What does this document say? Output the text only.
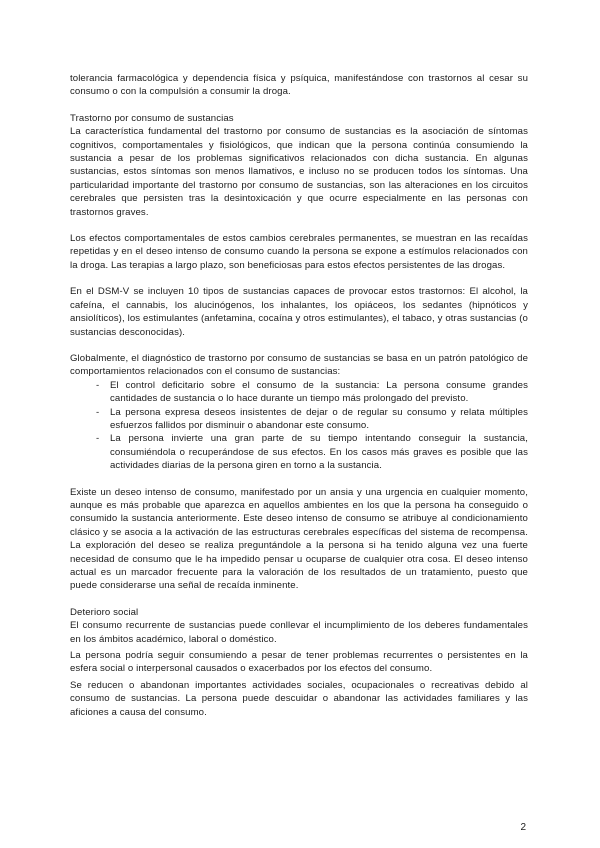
tolerancia farmacológica y dependencia física y psíquica, manifestándose con trastornos al cesar su consumo o con la compulsión a consumir la droga.

Trastorno por consumo de sustancias

La característica fundamental del trastorno por consumo de sustancias es la asociación de síntomas cognitivos, comportamentales y fisiológicos, que indican que la persona continúa consumiendo la sustancia a pesar de los problemas significativos relacionados con dicha sustancia. En algunas sustancias, estos síntomas son menos llamativos, e incluso no se producen todos los síntomas. Una particularidad importante del trastorno por consumo de sustancias, son las alteraciones en los circuitos cerebrales que persisten tras la desintoxicación y que ocurre especialmente en las personas con trastornos graves.

Los efectos comportamentales de estos cambios cerebrales permanentes, se muestran en las recaídas repetidas y en el deseo intenso de consumo cuando la persona se expone a estímulos relacionados con la droga. Las terapias a largo plazo, son beneficiosas para estos efectos persistentes de las drogas.

En el DSM-V se incluyen 10 tipos de sustancias capaces de provocar estos trastornos: El alcohol, la cafeína, el cannabis, los alucinógenos, los inhalantes, los opiáceos, los sedantes (hipnóticos y ansiolíticos), los estimulantes (anfetamina, cocaína y otros estimulantes), el tabaco, y otras sustancias (o sustancias desconocidas).

Globalmente, el diagnóstico de trastorno por consumo de sustancias se basa en un patrón patológico de comportamientos relacionados con el consumo de sustancias:

-	El control deficitario sobre el consumo de la sustancia: La persona consume grandes cantidades de sustancia o lo hace durante un tiempo más prolongado del previsto.
-	La persona expresa deseos insistentes de dejar o de regular su consumo y relata múltiples esfuerzos fallidos por disminuir o abandonar este consumo.
-	La persona invierte una gran parte de su tiempo intentando conseguir la sustancia, consumiéndola o recuperándose de sus efectos. En los casos más graves es posible que las actividades diarias de la persona giren en torno a la sustancia.

Existe un deseo intenso de consumo, manifestado por un ansia y una urgencia en cualquier momento, aunque es más probable que aparezca en aquellos ambientes en los que la persona ha conseguido o consumido la sustancia anteriormente. Este deseo intenso de consumo se atribuye al condicionamiento clásico y se asocia a la activación de las estructuras cerebrales específicas del sistema de recompensa. La exploración del deseo se realiza preguntándole a la persona si ha tenido alguna vez una fuerte necesidad de consumo que le ha impedido pensar u ocuparse de cualquier otra cosa. El deseo intenso actual es un marcador frecuente para la valoración de los resultados de un tratamiento, puesto que puede considerarse una señal de recaída inminente.

Deterioro social

El consumo recurrente de sustancias puede conllevar el incumplimiento de los deberes fundamentales en los ámbitos académico, laboral o doméstico.

La persona podría seguir consumiendo a pesar de tener problemas recurrentes o persistentes en la esfera social o interpersonal causados o exacerbados por los efectos del consumo.

Se reducen o abandonan importantes actividades sociales, ocupacionales o recreativas debido al consumo de sustancias. La persona puede descuidar o abandonar las actividades familiares y las aficiones a causa del consumo.

2
